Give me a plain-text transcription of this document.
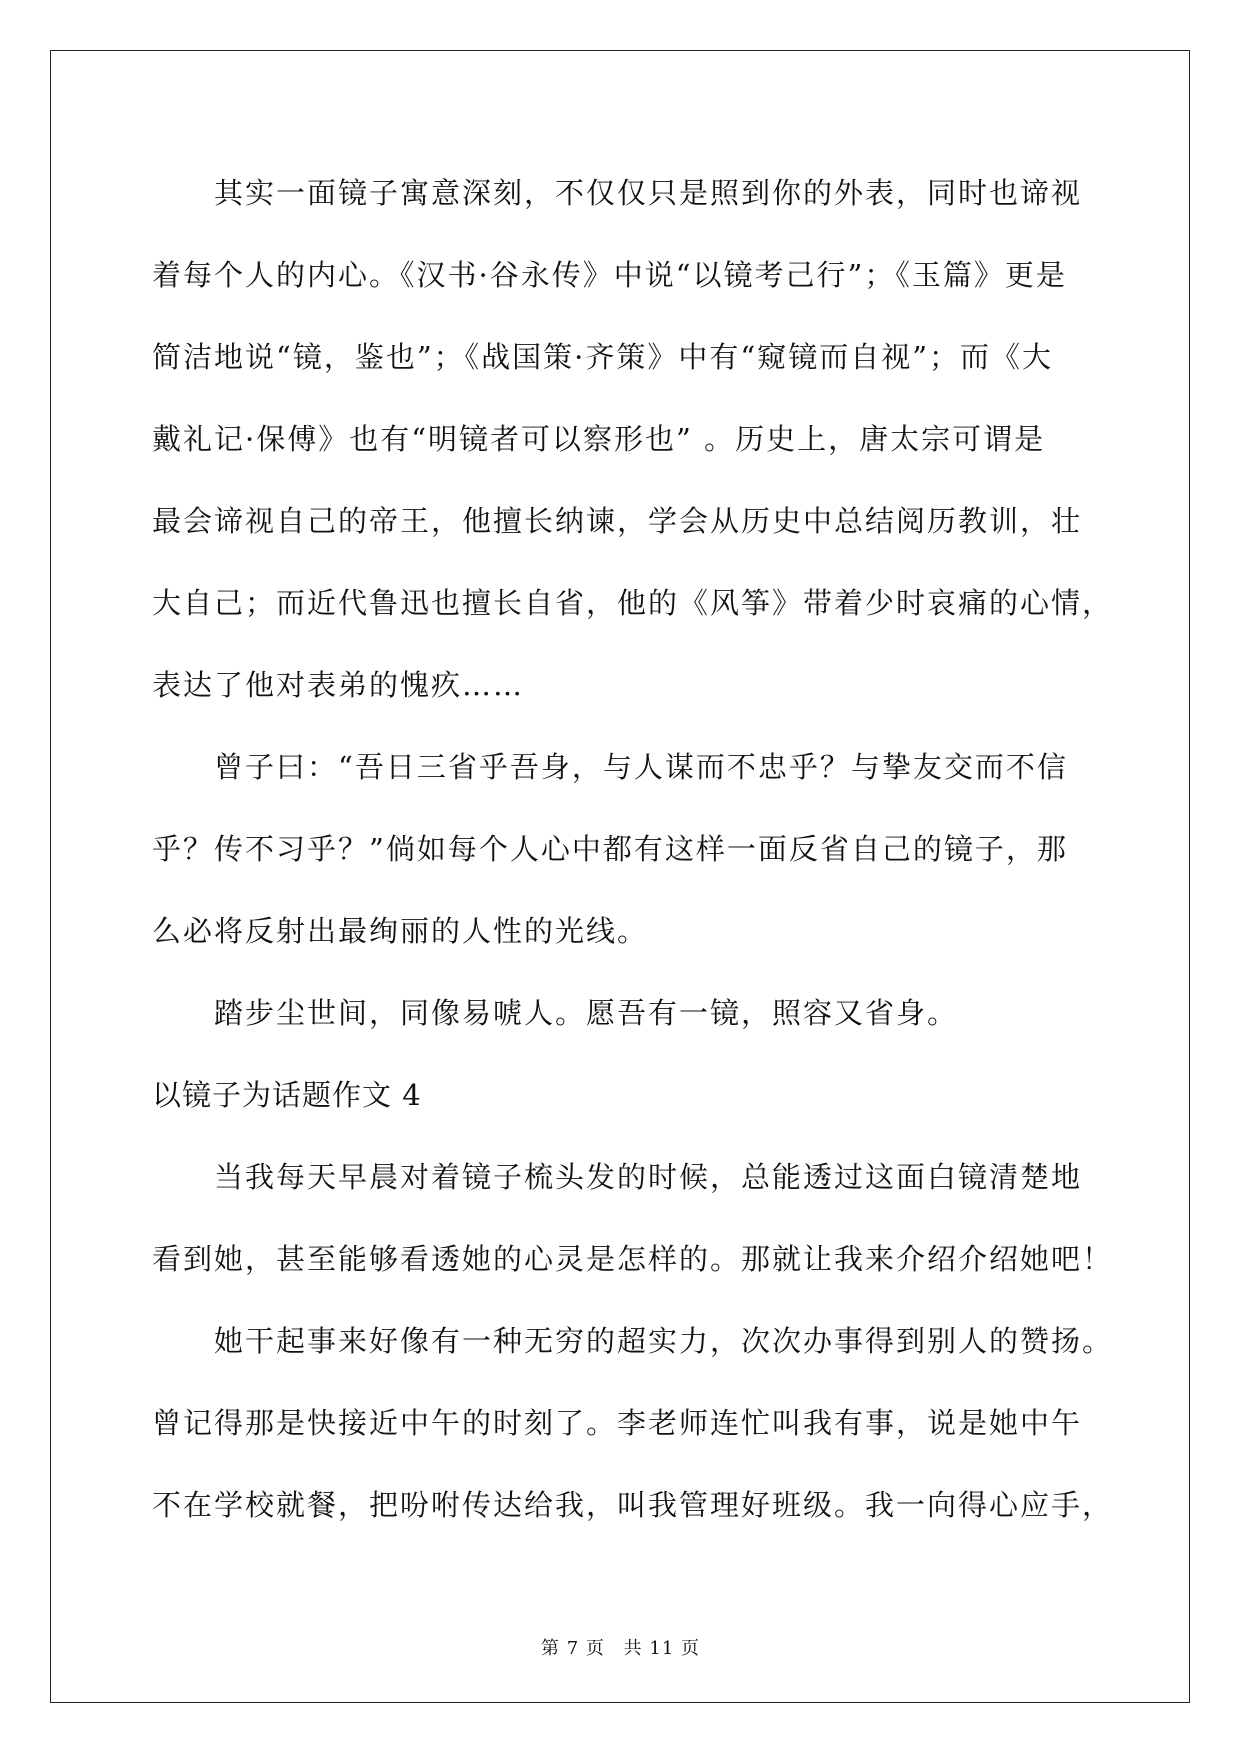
其实一面镜子寓意深刻，不仅仅只是照到你的外表，同时也谛视
着每个人的内心。《汉书·谷永传》中说“以镜考己行”；《玉篇》更是
简洁地说“镜，鉴也”；《战国策·齐策》中有“窥镜而自视”；而《大
戴礼记·保傅》也有“明镜者可以察形也” 。历史上，唐太宗可谓是
最会谛视自己的帝王，他擅长纳谏，学会从历史中总结阅历教训，壮
大自己；而近代鲁迅也擅长自省，他的《风筝》带着少时哀痛的心情，
表达了他对表弟的愧疚……
曾子曰：“吾日三省乎吾身，与人谋而不忠乎？与挚友交而不信
乎？传不习乎？”倘如每个人心中都有这样一面反省自己的镜子，那
么必将反射出最绚丽的人性的光线。
踏步尘世间，同像易唬人。愿吾有一镜，照容又省身。
以镜子为话题作文 4
当我每天早晨对着镜子梳头发的时候，总能透过这面白镜清楚地
看到她，甚至能够看透她的心灵是怎样的。那就让我来介绍介绍她吧！
她干起事来好像有一种无穷的超实力，次次办事得到别人的赞扬。
曾记得那是快接近中午的时刻了。李老师连忙叫我有事，说是她中午
不在学校就餐，把吩咐传达给我，叫我管理好班级。我一向得心应手，
第 7 页 共 11 页
